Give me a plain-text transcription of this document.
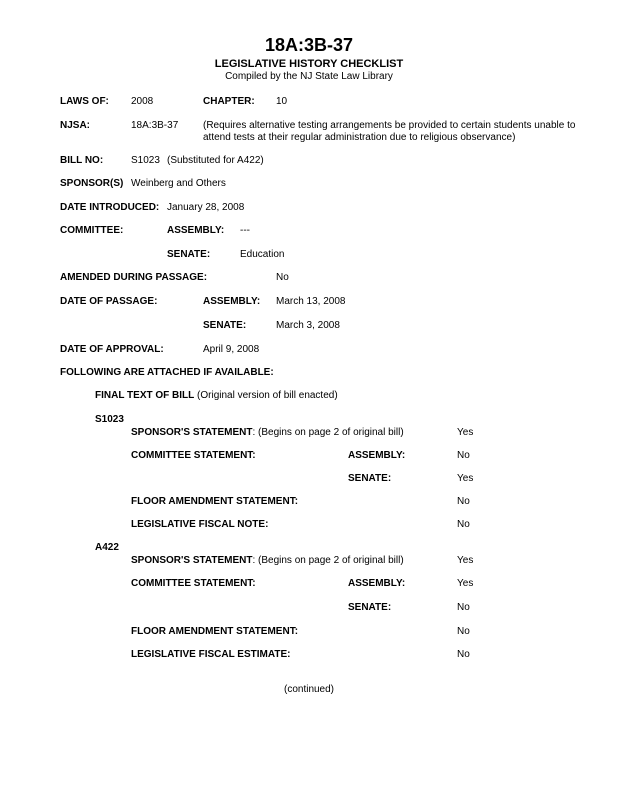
18A:3B-37
LEGISLATIVE HISTORY CHECKLIST
Compiled by the NJ State Law Library
LAWS OF: 2008	CHAPTER: 10
NJSA:	18A:3B-37 (Requires alternative testing arrangements be provided to certain students unable to attend tests at their regular administration due to religious observance)
BILL NO:	S1023 (Substituted for A422)
SPONSOR(S) Weinberg and Others
DATE INTRODUCED: January 28, 2008
COMMITTEE:	ASSEMBLY: ---
SENATE:	Education
AMENDED DURING PASSAGE:	No
DATE OF PASSAGE:	ASSEMBLY: March 13, 2008
SENATE:	March 3, 2008
DATE OF APPROVAL:	April 9, 2008
FOLLOWING ARE ATTACHED IF AVAILABLE:
FINAL TEXT OF BILL (Original version of bill enacted)
S1023
SPONSOR'S STATEMENT: (Begins on page 2 of original bill)	Yes
COMMITTEE STATEMENT:	ASSEMBLY:	No
SENATE:	Yes
FLOOR AMENDMENT STATEMENT:	No
LEGISLATIVE FISCAL NOTE:	No
A422
SPONSOR'S STATEMENT: (Begins on page 2 of original bill)	Yes
COMMITTEE STATEMENT:	ASSEMBLY:	Yes
SENATE:	No
FLOOR AMENDMENT STATEMENT:	No
LEGISLATIVE FISCAL ESTIMATE:	No
(continued)
